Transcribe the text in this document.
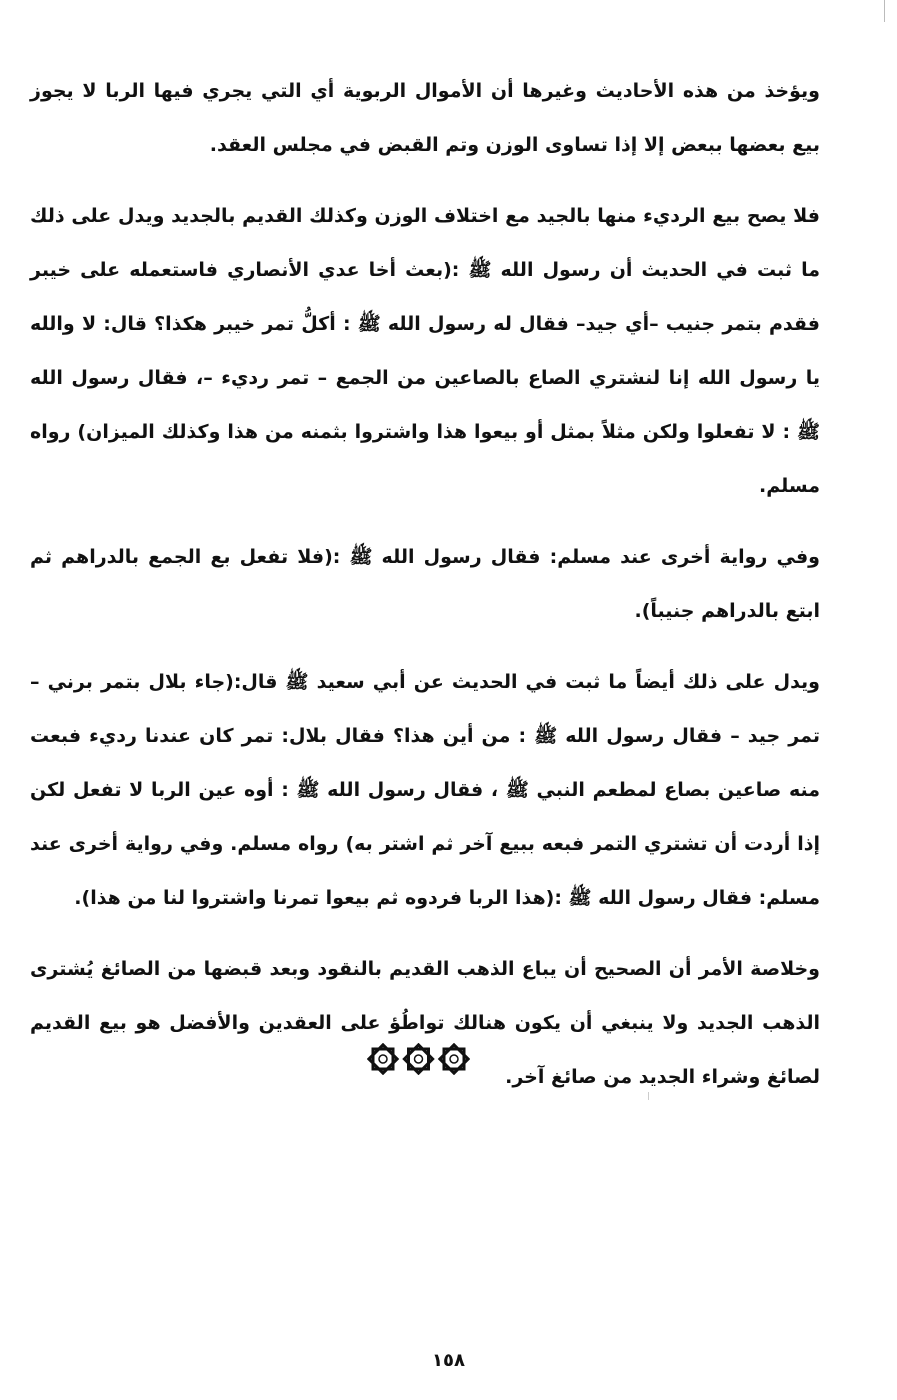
ويؤخذ من هذه الأحاديث وغيرها أن الأموال الربوية أي التي يجري فيها الربا لا يجوز بيع بعضها ببعض إلا إذا تساوى الوزن وتم القبض في مجلس العقد.

فلا يصح بيع الرديء منها بالجيد مع اختلاف الوزن وكذلك القديم بالجديد ويدل على ذلك ما ثبت في الحديث أن رسول الله ﷺ :(بعث أخا عدي الأنصاري فاستعمله على خيبر فقدم بتمر جنيب –أي جيد– فقال له رسول الله ﷺ : أكلُّ تمر خيبر هكذا؟ قال: لا والله يا رسول الله إنا لنشتري الصاع بالصاعين من الجمع – تمر رديء –، فقال رسول الله ﷺ : لا تفعلوا ولكن مثلاً بمثل أو بيعوا هذا واشتروا بثمنه من هذا وكذلك الميزان) رواه مسلم.

وفي رواية أخرى عند مسلم: فقال رسول الله ﷺ :(فلا تفعل بع الجمع بالدراهم ثم ابتع بالدراهم جنيباً).

ويدل على ذلك أيضاً ما ثبت في الحديث عن أبي سعيد ﷺ قال:(جاء بلال بتمر برني – تمر جيد – فقال رسول الله ﷺ : من أين هذا؟ فقال بلال: تمر كان عندنا رديء فبعت منه صاعين بصاع لمطعم النبي ﷺ ، فقال رسول الله ﷺ : أوه عين الربا لا تفعل لكن إذا أردت أن تشتري التمر فبعه ببيع آخر ثم اشتر به) رواه مسلم. وفي رواية أخرى عند مسلم: فقال رسول الله ﷺ :(هذا الربا فردوه ثم بيعوا تمرنا واشتروا لنا من هذا).

وخلاصة الأمر أن الصحيح أن يباع الذهب القديم بالنقود وبعد قبضها من الصائغ يُشترى الذهب الجديد ولا ينبغي أن يكون هنالك تواطُؤ على العقدين والأفضل هو بيع القديم لصائغ وشراء الجديد من صائغ آخر.

١٥٨
